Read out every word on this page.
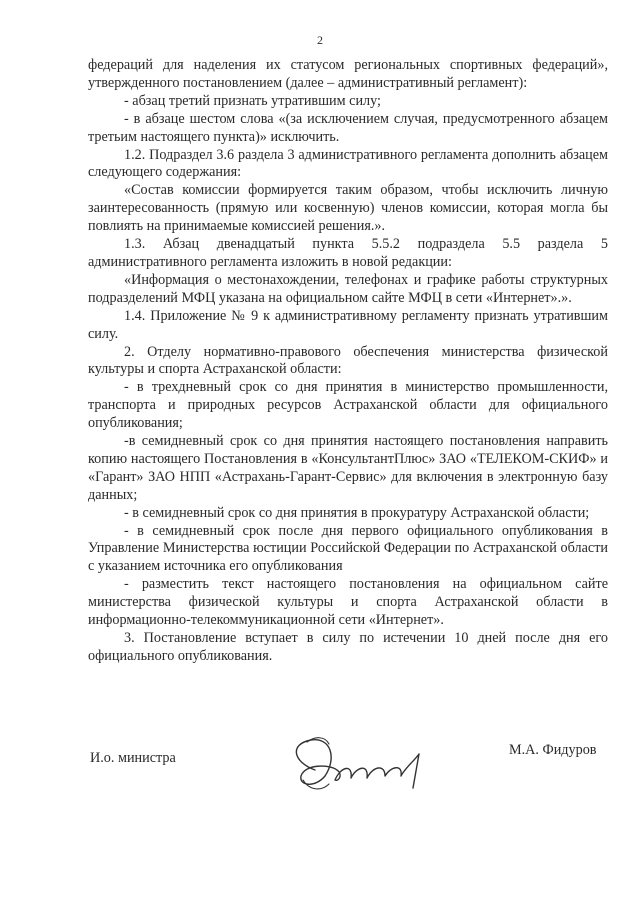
2

федераций для наделения их статусом региональных спортивных федераций», утвержденного постановлением (далее – административный регламент):

- абзац третий признать утратившим силу;

- в абзаце шестом слова «(за исключением случая, предусмотренного абзацем третьим настоящего пункта)» исключить.

1.2. Подраздел 3.6 раздела 3 административного регламента дополнить абзацем следующего содержания:

«Состав комиссии формируется таким образом, чтобы исключить личную заинтересованность (прямую или косвенную) членов комиссии, которая могла бы повлиять на принимаемые комиссией решения.».

1.3. Абзац двенадцатый пункта 5.5.2 подраздела 5.5 раздела 5 административного регламента изложить в новой редакции:

«Информация о местонахождении, телефонах и графике работы структурных подразделений МФЦ указана на официальном сайте МФЦ в сети «Интернет».».

1.4. Приложение № 9 к административному регламенту признать утратившим силу.

2. Отделу нормативно-правового обеспечения министерства физической культуры и спорта Астраханской области:

- в трехдневный срок со дня принятия в министерство промышленности, транспорта и природных ресурсов Астраханской области для официального опубликования;

-в семидневный срок со дня принятия настоящего постановления направить копию настоящего Постановления в «КонсультантПлюс» ЗАО «ТЕЛЕКОМ-СКИФ» и «Гарант» ЗАО НПП «Астрахань-Гарант-Сервис» для включения в электронную базу данных;

- в семидневный срок со дня принятия в прокуратуру Астраханской области;

- в семидневный срок после дня первого официального опубликования в Управление Министерства юстиции Российской Федерации по Астраханской области с указанием источника его опубликования

- разместить текст настоящего постановления на официальном сайте министерства физической культуры и спорта Астраханской области в информационно-телекоммуникационной сети «Интернет».

3. Постановление вступает в силу по истечении 10 дней после дня его официального опубликования.

И.о. министра	М.А. Фидуров
